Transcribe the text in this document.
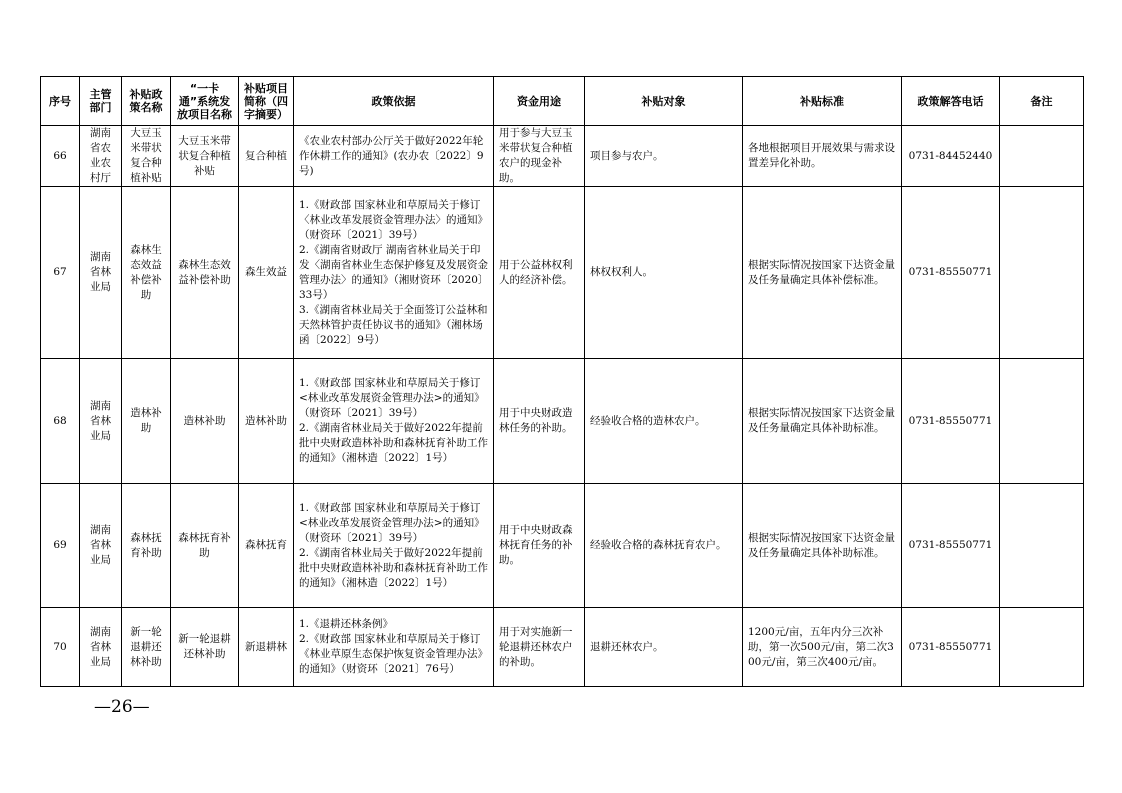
序号	主管部门	补贴政策名称	“一卡通”系统发放项目名称	补贴项目简称（四字摘要）	政策依据	资金用途	补贴对象	补贴标准	政策解答电话	备注
66	湖南省农业农村厅	大豆玉米带状复合种植补贴	大豆玉米带状复合种植补贴	复合种植	《农业农村部办公厅关于做好2022年轮作休耕工作的通知》(农办农〔2022〕9号)	用于参与大豆玉米带状复合种植农户的现金补助。	项目参与农户。	各地根据项目开展效果与需求设置差异化补助。	0731-84452440	
67	湖南省林业局	森林生态效益补偿补助	森林生态效益补偿补助	森生效益	1.《财政部 国家林业和草原局关于修订〈林业改革发展资金管理办法〉的通知》（财资环〔2021〕39号）
2.《湖南省财政厅 湖南省林业局关于印发〈湖南省林业生态保护修复及发展资金管理办法〉的通知》（湘财资环〔2020〕33号）
3.《湖南省林业局关于全面签订公益林和天然林管护责任协议书的通知》（湘林场函〔2022〕9号）	用于公益林权利人的经济补偿。	林权权利人。	根据实际情况按国家下达资金量及任务量确定具体补偿标准。	0731-85550771	
68	湖南省林业局	造林补助	造林补助	造林补助	1.《财政部 国家林业和草原局关于修订<林业改革发展资金管理办法>的通知》（财资环〔2021〕39号）
2.《湖南省林业局关于做好2022年提前批中央财政造林补助和森林抚育补助工作的通知》（湘林造〔2022〕1号）	用于中央财政造林任务的补助。	经验收合格的造林农户。	根据实际情况按国家下达资金量及任务量确定具体补助标准。	0731-85550771	
69	湖南省林业局	森林抚育补助	森林抚育补助	森林抚育	1.《财政部 国家林业和草原局关于修订<林业改革发展资金管理办法>的通知》（财资环〔2021〕39号）
2.《湖南省林业局关于做好2022年提前批中央财政造林补助和森林抚育补助工作的通知》（湘林造〔2022〕1号）	用于中央财政森林抚育任务的补助。	经验收合格的森林抚育农户。	根据实际情况按国家下达资金量及任务量确定具体补助标准。	0731-85550771	
70	湖南省林业局	新一轮退耕还林补助	新一轮退耕还林补助	新退耕林	1.《退耕还林条例》
2.《财政部 国家林业和草原局关于修订《林业草原生态保护恢复资金管理办法》的通知》（财资环〔2021〕76号）	用于对实施新一轮退耕还林农户的补助。	退耕还林农户。	1200元/亩，五年内分三次补助，第一次500元/亩，第二次300元/亩，第三次400元/亩。	0731-85550771	
—26—
